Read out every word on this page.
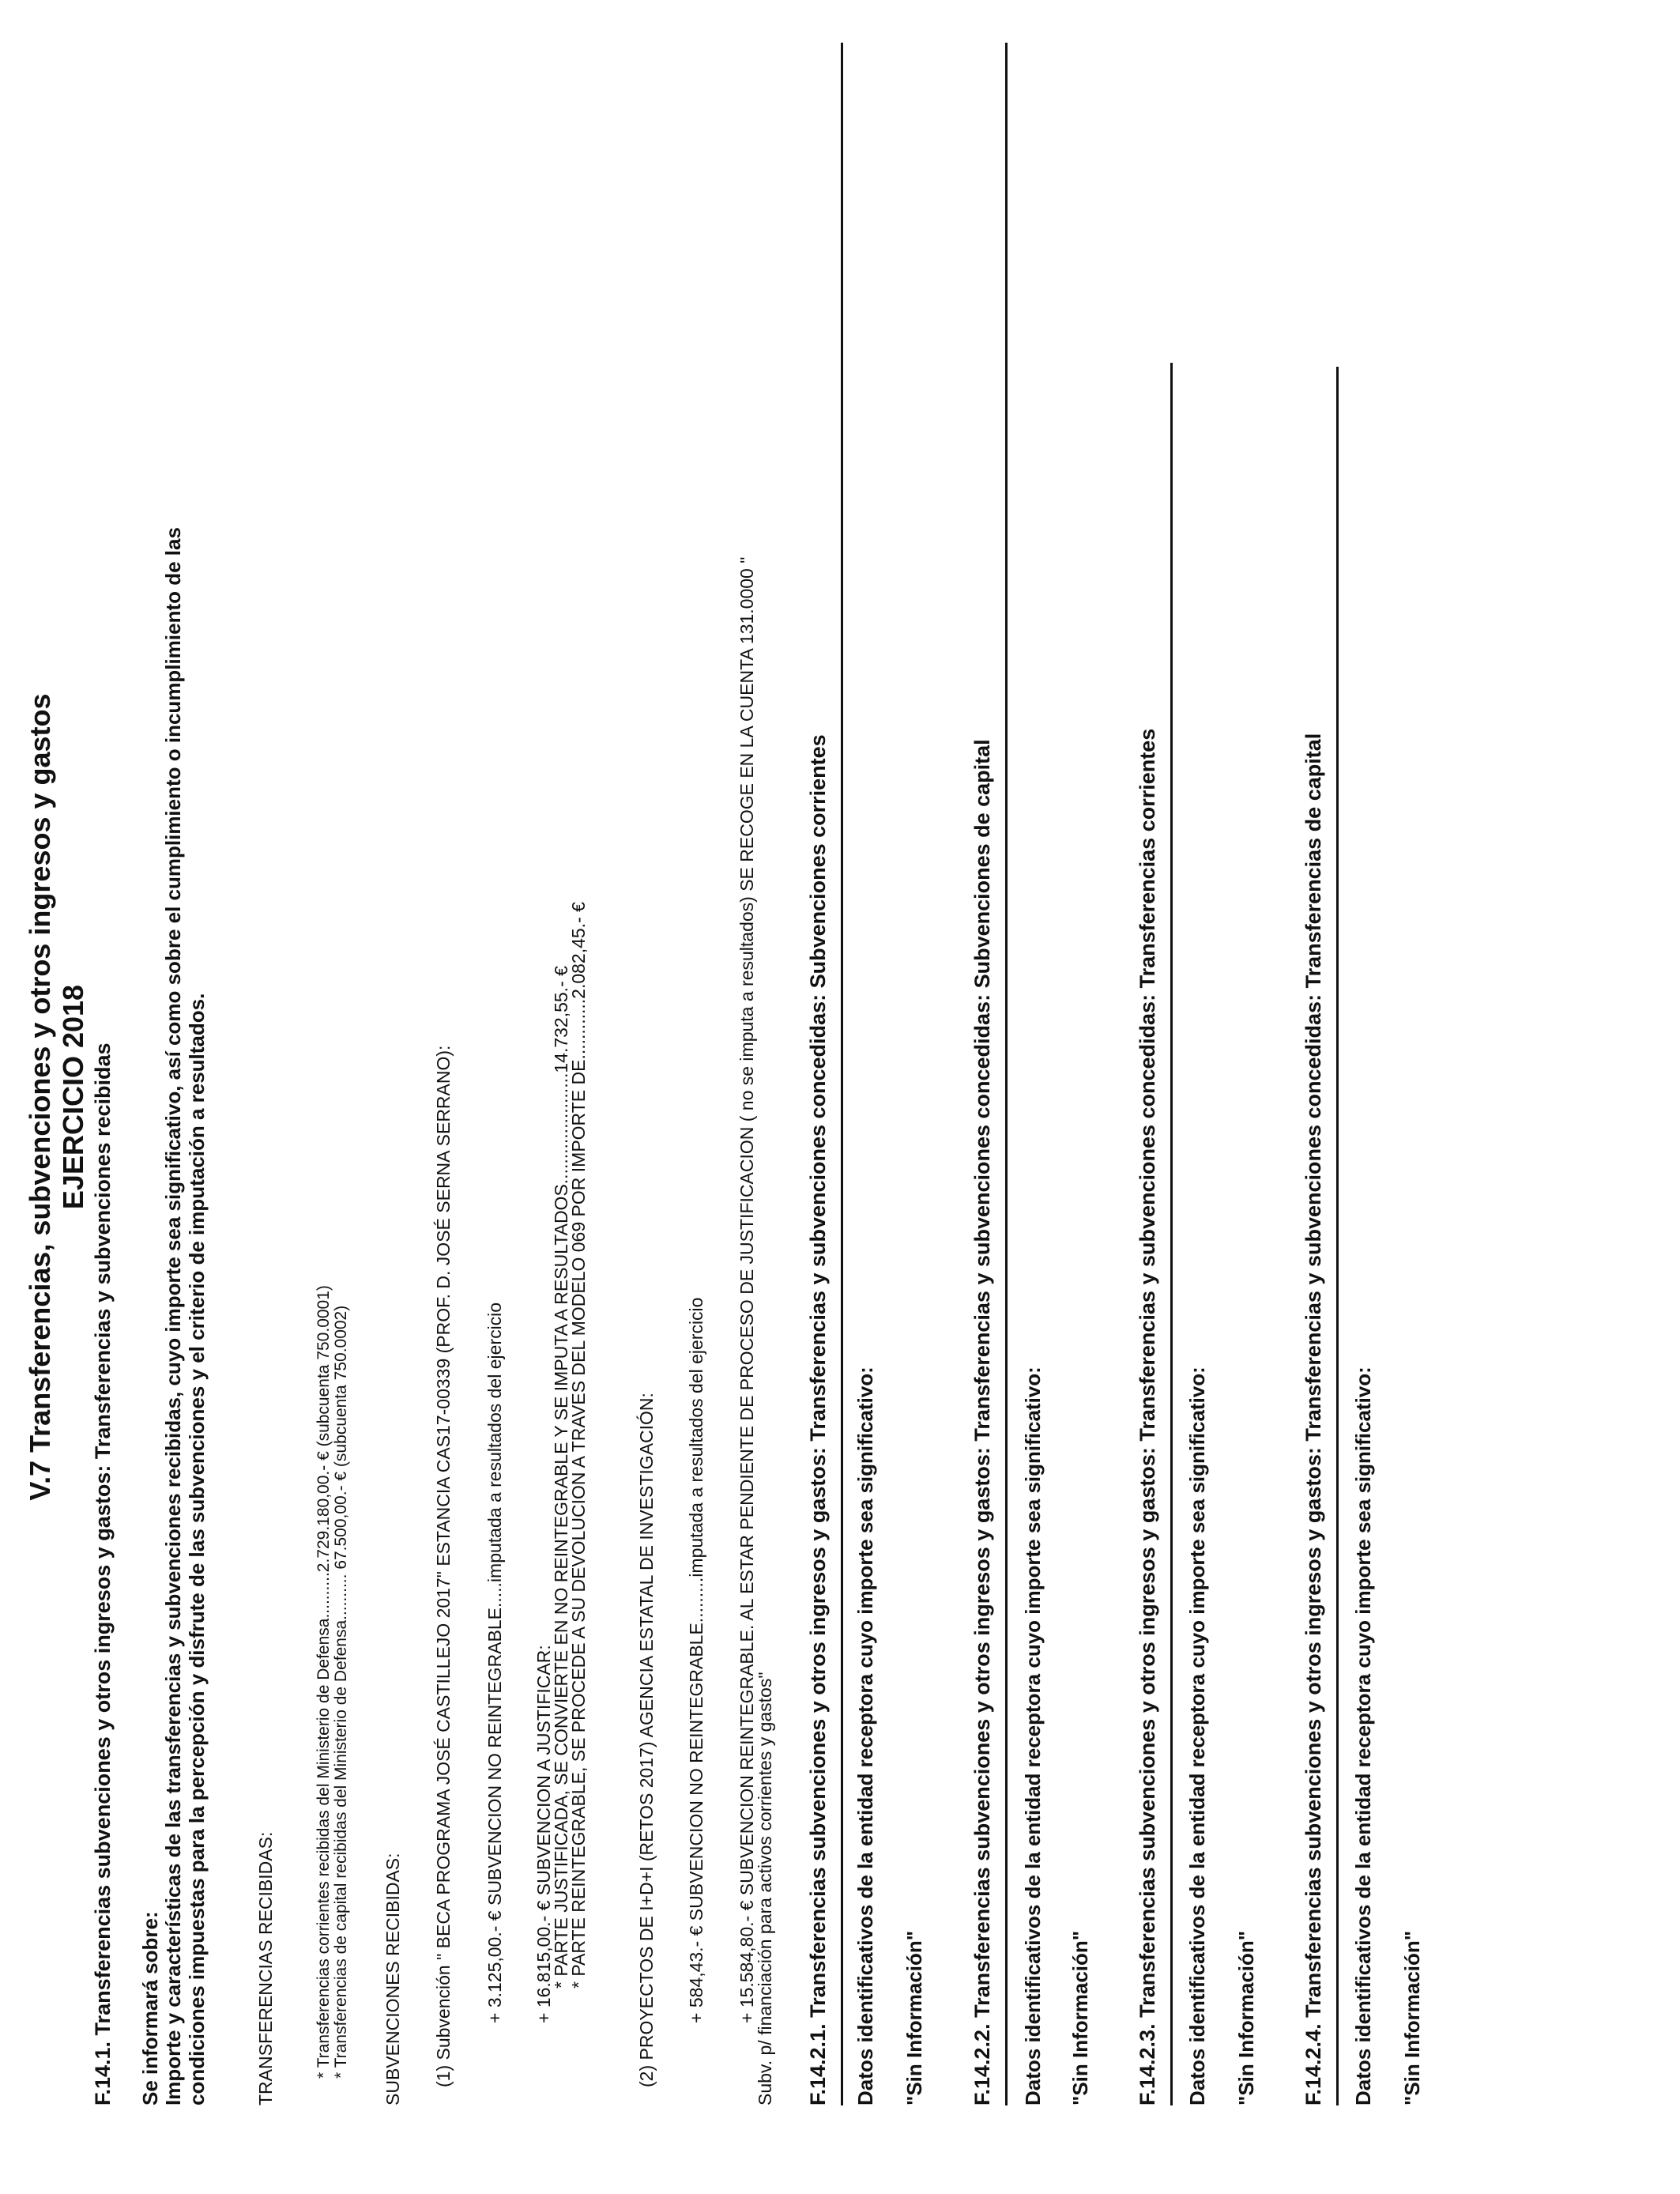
V.7 Transferencias, subvenciones y otros ingresos y gastos EJERCICIO 2018 F.14.1. Transferencias subvenciones y otros ingresos y gastos: Transferencias y subvenciones recibidas Se informará sobre: Importe y características de las transferencias y subvenciones recibidas, cuyo importe sea significativo, así como sobre el cumplimiento o incumplimiento de las condiciones impuestas para la percepción y disfrute de las subvenciones y el criterio de imputación a resultados.	TRANSFERENCIAS RECIBIDAS: * Transferencias corrientes recibidas del Ministerio de Defensa..........2.729.180,00.- € (subcuenta 750.0001) * Transferencias de capital recibidas del Ministerio de Defensa.......... 67.500,00.- € (subcuenta 750.0002) SUBVENCIONES RECIBIDAS: (1) Subvención " BECA PROGRAMA JOSÉ CASTILLEJO 2017" ESTANCIA CAS17-00339 (PROF. D. JOSÉ SERNA SERRANO): + 3.125,00.- € SUBVENCION NO REINTEGRABLE.....imputada a resultados del ejercicio + 16.815,00.- € SUBVENCION A JUSTIFICAR:
* PARTE JUSTIFICADA, SE CONVIERTE EN NO REINTEGRABLE Y SE IMPUTA A RESULTADOS......................14.732,55.- €
* PARTE REINTEGRABLE, SE PROCEDE A SU DEVOLUCION A TRAVES DEL MODELO 069 POR IMPORTE DE............2.082,45.- €	(2) PROYECTOS DE I+D+I (RETOS 2017) AGENCIA ESTATAL DE INVESTIGACIÓN: + 584,43.- € SUBVENCION NO REINTEGRABLE.........imputada a resultados del ejercicio + 15.584,80.- € SUBVENCION REINTEGRABLE. AL ESTAR PENDIENTE DE PROCESO DE JUSTIFICACION ( no se imputa a resultados) SE RECOGE EN LA CUENTA 131.0000 "
Subv. p/ financiación para activos corrientes y gastos" F.14.2.1. Transferencias subvenciones y otros ingresos y gastos: Transferencias y subvenciones concedidas: Subvenciones corrientes Datos identificativos de la entidad receptora cuyo importe sea significativo: "Sin Información" F.14.2.2. Transferencias subvenciones y otros ingresos y gastos: Transferencias y subvenciones concedidas: Subvenciones de capital Datos identificativos de la entidad receptora cuyo importe sea significativo: "Sin Información" F.14.2.3. Transferencias subvenciones y otros ingresos y gastos: Transferencias y subvenciones concedidas: Transferencias corrientes Datos identificativos de la entidad receptora cuyo importe sea significativo: "Sin Información" F.14.2.4. Transferencias subvenciones y otros ingresos y gastos: Transferencias y subvenciones concedidas: Transferencias de capital Datos identificativos de la entidad receptora cuyo importe sea significativo: "Sin Información"
